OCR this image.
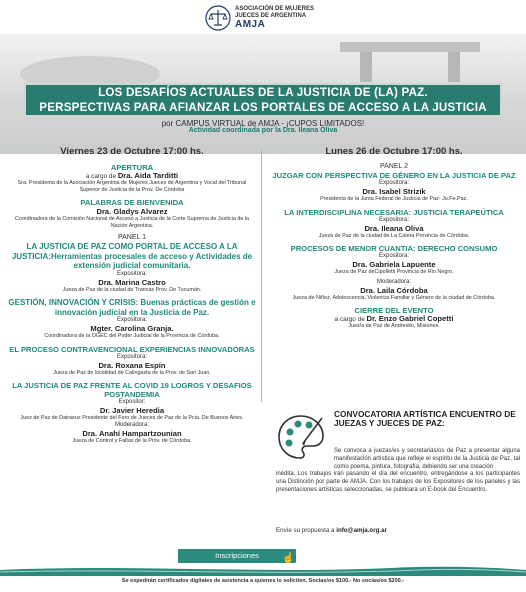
ASOCIACIÓN DE MUJERES
JUECES DE ARGENTINA
AMJA
LOS DESAFÍOS ACTUALES DE LA JUSTICIA DE (LA) PAZ.
PERSPECTIVAS PARA AFIANZAR LOS PORTALES DE ACCESO A LA JUSTICIA
por CAMPUS VIRTUAL de AMJA - ¡CUPOS LIMITADOS!
Actividad coordinada por la Dra. Ileana Oliva
Viernes 23 de Octubre 17:00 hs.
APERTURA
a cargo de Dra. Aida Tarditti
Sra. Presidenta de la Asociación Argentina de Mujeres Jueces de Argentina y Vocal del Tribunal Superior de Justicia de la Prov. De Córdoba
PALABRAS DE BIENVENIDA
Dra. Gladys Alvarez
Coordinadora de la Comisión Nacional de Acceso a Justicia de la Corte Suprema de Justicia de la Nación Argentina.
PANEL 1
LA JUSTICIA DE PAZ COMO PORTAL DE ACCESO A LA JUSTICIA:Herramientas procesales de acceso y Actividades de extensión judicial comunitaria.
Expositora:
Dra. Marina Castro
Jueza de Paz de la ciudad de Trancas Prov. De Tucumán.
GESTIÓN, INNOVACIÓN Y CRISIS: Buenas prácticas de gestión e innovación judicial en la Justicia de Paz.
Expositora:
Mgter. Carolina Granja.
Coordinadora de la OGEC del Poder Judicial de la Provincia de Córdoba.
EL PROCESO CONTRAVENCIONAL EXPERIENCIAS INNOVADORAS
Expositora:
Dra. Roxana Espín
Jueza de Paz de localidad de Calingasta de la Prov. de San Juan.
LA JUSTICIA DE PAZ FRENTE AL COVID 19 LOGROS Y DESAFIOS POSTANDEMIA
Expositor:
Dr. Javier Heredia
Juez de Paz de Dairaeux Presidente del Foro de Jueces de Paz de la Pcia. De Buenos Aires.
Moderadora:
Dra. Anahí Hampartzounian
Jueza de Control y Faltas de la Prov. de Córdoba.
Lunes 26 de Octubre 17:00 hs.
PANEL 2
JUZGAR CON PERSPECTIVA DE GÉNERO EN LA JUSTICIA DE PAZ
Expositora:
Dra. Isabel Strizik
Presidenta de la Junta Federal de Justicia de Paz- Ju.Fe.Paz.
LA INTERDISCIPLINA NECESARIA: JUSTICIA TERAPEÚTICA
Expositora:
Dra. Ileana Oliva
Jueza de Paz de la ciudad de La Calera Provincia de Córdoba.
PROCESOS DE MENOR CUANTIA: DERECHO CONSUMO
Expositora:
Dra. Gabriela Lapuente
Jueza de Paz deCipolletti Provincia de Rio Negro.
Moderadora:
Dra. Laila Córdoba
Jueza de Niñez, Adolescencia, Violencia Familiar y Género de la ciudad de Córdoba.
CIERRE DEL EVENTO
a cargo de Dr. Enzo Gabriel Copetti
Juez/a de Paz de Andresito, Misiones.
CONVOCATORIA ARTÍSTICA ENCUENTRO DE JUEZAS Y JUECES DE PAZ:
Se convoca a juezas/es y secretarias/os de Paz a presentar alguna manifestación artística que refleje el espíritu de la Justicia de Paz, tal como poema, pintura, fotografía, debiendo ser una creación
inédita. Los trabajos irán pasando el día del encuentro, entregándose a los participantes una Distinción por parte de AMJA. Con los trabajos de los Expositores de los paneles y las presentaciones artísticas seleccionadas, se publicara un E-book del Encuentro.
Envíe su propuesta a info@amja.org.ar
Inscripciones	☝
Se expedirán certificados digitales de asistencia a quienes lo soliciten. Socias/os $100.- No socias/os $200.-
